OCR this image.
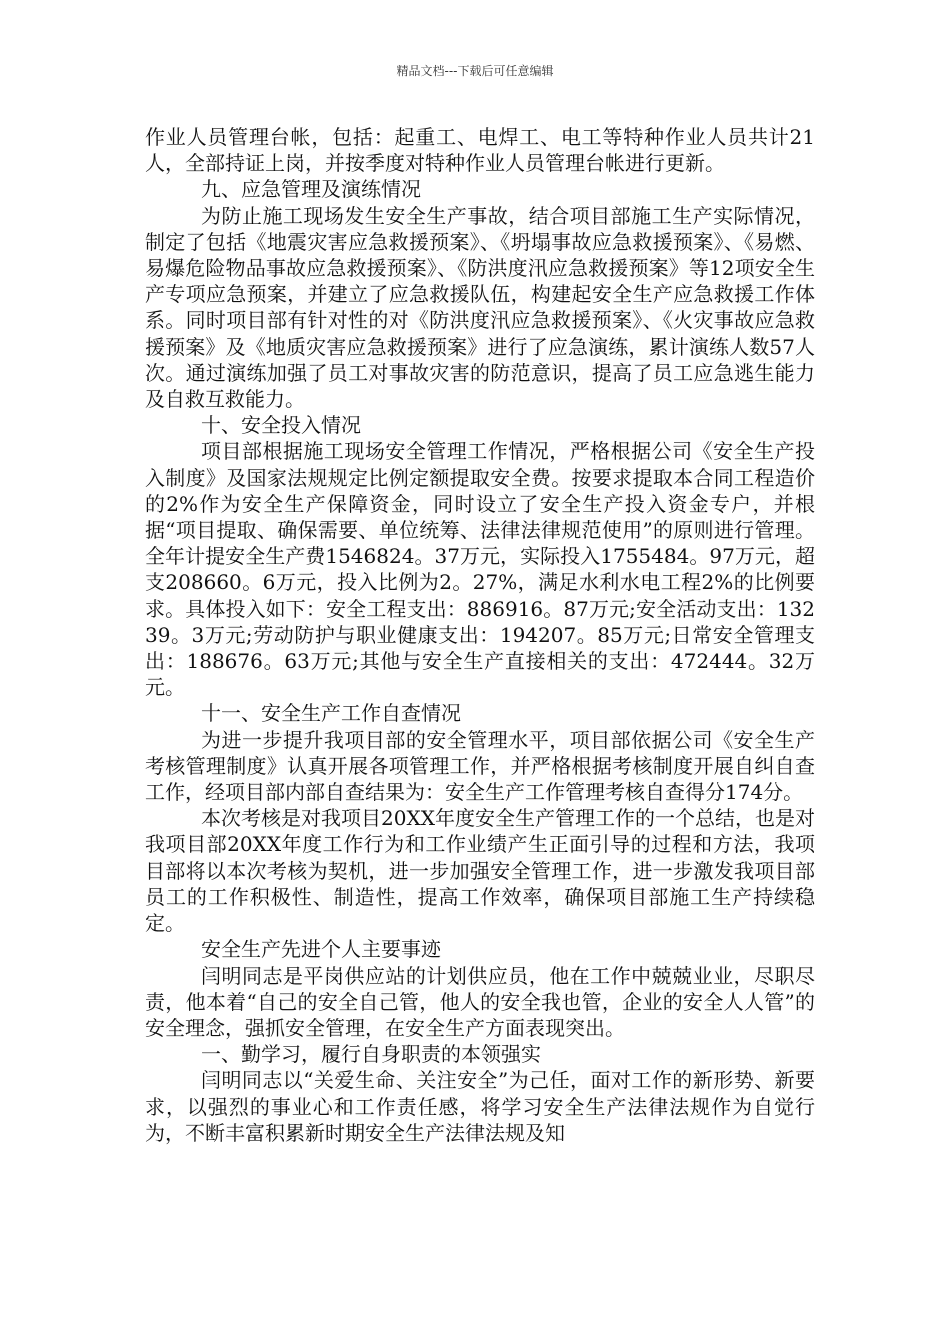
精品文档---下载后可任意编辑

作业人员管理台帐，包括：起重工、电焊工、电工等特种作业人员共计21人，全部持证上岗，并按季度对特种作业人员管理台帐进行更新。

九、应急管理及演练情况

为防止施工现场发生安全生产事故，结合项目部施工生产实际情况，制定了包括《地震灾害应急救援预案》、《坍塌事故应急救援预案》、《易燃、易爆危险物品事故应急救援预案》、《防洪度汛应急救援预案》等12项安全生产专项应急预案，并建立了应急救援队伍，构建起安全生产应急救援工作体系。同时项目部有针对性的对《防洪度汛应急救援预案》、《火灾事故应急救援预案》及《地质灾害应急救援预案》进行了应急演练，累计演练人数57人次。通过演练加强了员工对事故灾害的防范意识，提高了员工应急逃生能力及自救互救能力。

十、安全投入情况

项目部根据施工现场安全管理工作情况，严格根据公司《安全生产投入制度》及国家法规规定比例定额提取安全费。按要求提取本合同工程造价的2%作为安全生产保障资金，同时设立了安全生产投入资金专户，并根据“项目提取、确保需要、单位统筹、法律法律规范使用”的原则进行管理。全年计提安全生产费1546824。37万元，实际投入1755484。97万元，超支208660。6万元，投入比例为2。27%，满足水利水电工程2%的比例要求。具体投入如下：安全工程支出：886916。87万元;安全活动支出：13239。3万元;劳动防护与职业健康支出：194207。85万元;日常安全管理支出：188676。63万元;其他与安全生产直接相关的支出：472444。32万元。

十一、安全生产工作自查情况

为进一步提升我项目部的安全管理水平，项目部依据公司《安全生产考核管理制度》认真开展各项管理工作，并严格根据考核制度开展自纠自查工作，经项目部内部自查结果为：安全生产工作管理考核自查得分174分。

本次考核是对我项目20XX年度安全生产管理工作的一个总结，也是对我项目部20XX年度工作行为和工作业绩产生正面引导的过程和方法，我项目部将以本次考核为契机，进一步加强安全管理工作，进一步激发我项目部员工的工作积极性、制造性，提高工作效率，确保项目部施工生产持续稳定。

安全生产先进个人主要事迹

闫明同志是平岗供应站的计划供应员，他在工作中兢兢业业，尽职尽责，他本着“自己的安全自己管，他人的安全我也管，企业的安全人人管”的安全理念，强抓安全管理，在安全生产方面表现突出。

一、勤学习，履行自身职责的本领强实

闫明同志以“关爱生命、关注安全”为己任，面对工作的新形势、新要求，以强烈的事业心和工作责任感，将学习安全生产法律法规作为自觉行为，不断丰富积累新时期安全生产法律法规及知
